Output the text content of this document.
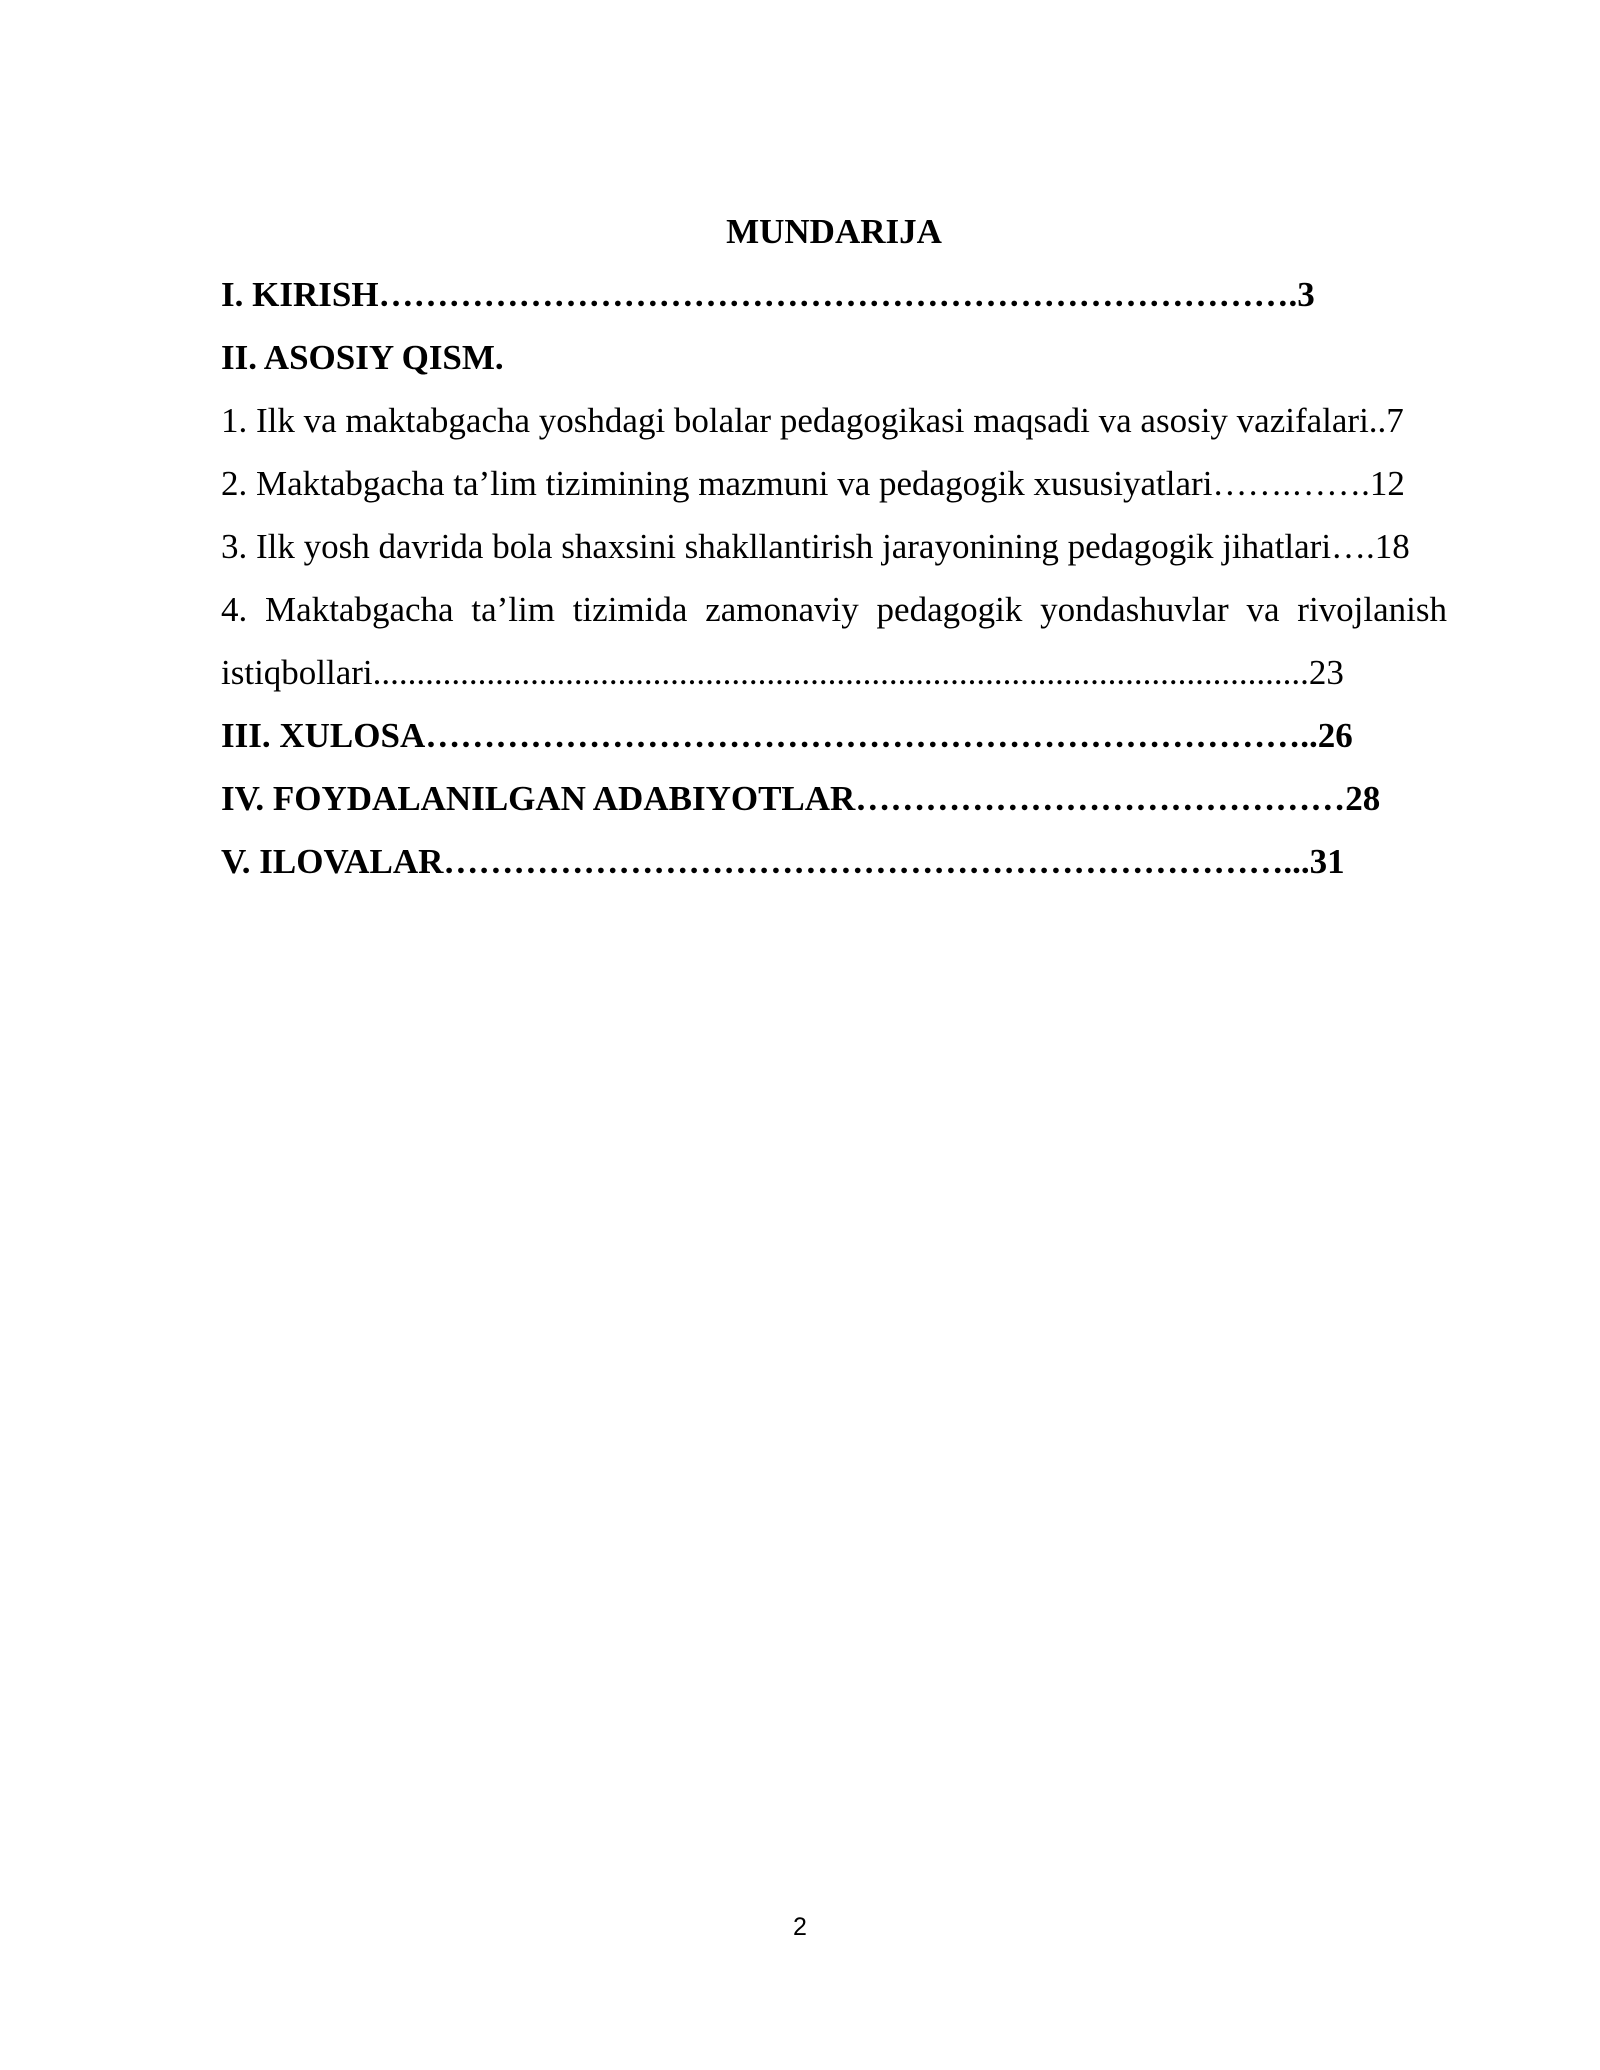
MUNDARIJA

I. KIRISH…………………………………………………………………….3

II. ASOSIY QISM.

1. Ilk va maktabgacha yoshdagi bolalar pedagogikasi maqsadi va asosiy vazifalari..7

2. Maktabgacha ta’lim tizimining mazmuni va pedagogik xususiyatlari…….…….12

3. Ilk yosh davrida bola shaxsini shakllantirish jarayonining pedagogik jihatlari….18

4. Maktabgacha ta’lim tizimida zamonaviy pedagogik yondashuvlar va rivojlanish istiqbollari...........................................................................................................23

III. XULOSA…………………………………………………………………..26

IV. FOYDALANILGAN ADABIYOTLAR……………………………………28

V. ILOVALAR………………………………………………………………...31

2
